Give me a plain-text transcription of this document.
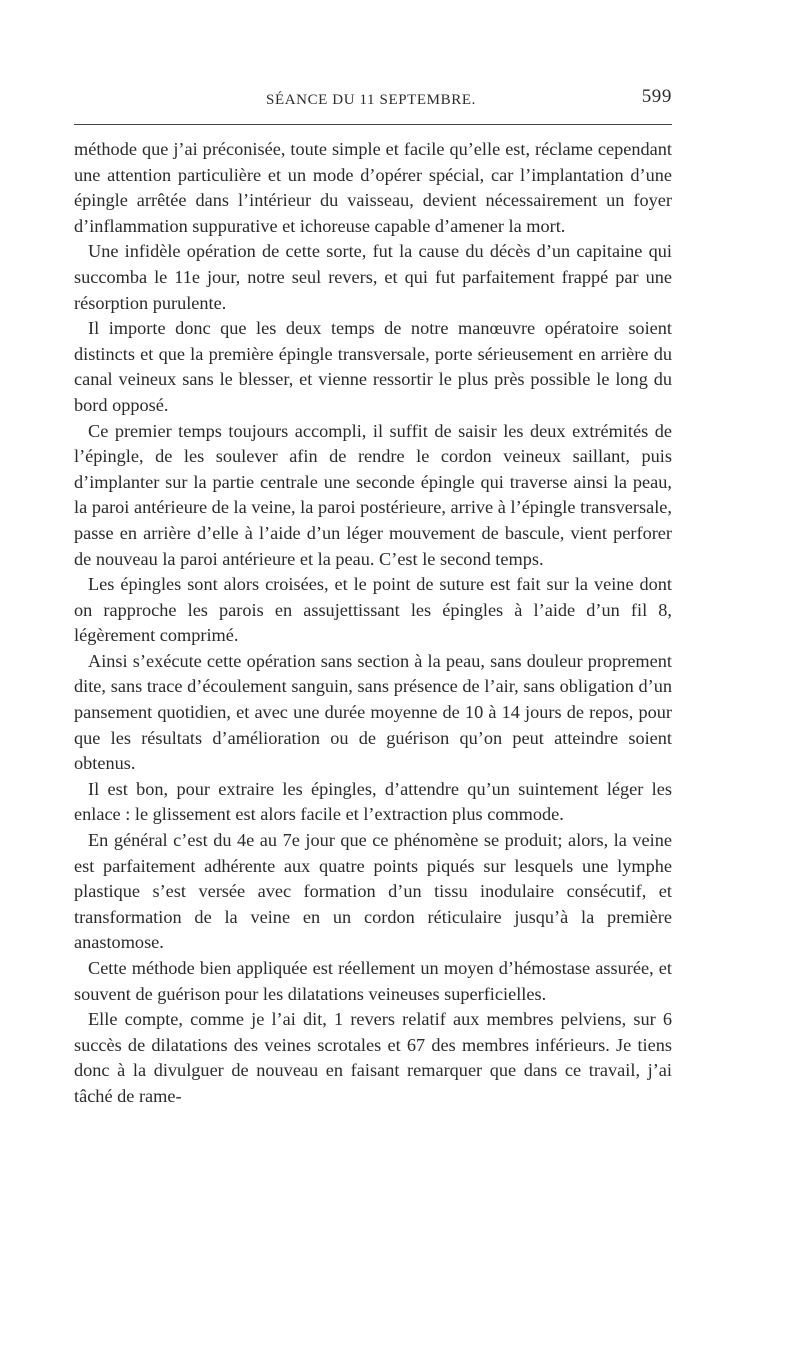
SÉANCE DU 11 SEPTEMBRE.	599

méthode que j’ai préconisée, toute simple et facile qu’elle est, réclame cependant une attention particulière et un mode d’opérer spécial, car l’implantation d’une épingle arrêtée dans l’intérieur du vaisseau, devient nécessairement un foyer d’inflammation suppurative et ichoreuse capable d’amener la mort.

Une infidèle opération de cette sorte, fut la cause du décès d’un capitaine qui succomba le 11e jour, notre seul revers, et qui fut parfaitement frappé par une résorption purulente.

Il importe donc que les deux temps de notre manœuvre opératoire soient distincts et que la première épingle transversale, porte sérieusement en arrière du canal veineux sans le blesser, et vienne ressortir le plus près possible le long du bord opposé.

Ce premier temps toujours accompli, il suffit de saisir les deux extrémités de l’épingle, de les soulever afin de rendre le cordon veineux saillant, puis d’implanter sur la partie centrale une seconde épingle qui traverse ainsi la peau, la paroi antérieure de la veine, la paroi postérieure, arrive à l’épingle transversale, passe en arrière d’elle à l’aide d’un léger mouvement de bascule, vient perforer de nouveau la paroi antérieure et la peau. C’est le second temps.

Les épingles sont alors croisées, et le point de suture est fait sur la veine dont on rapproche les parois en assujettissant les épingles à l’aide d’un fil 8, légèrement comprimé.

Ainsi s’exécute cette opération sans section à la peau, sans douleur proprement dite, sans trace d’écoulement sanguin, sans présence de l’air, sans obligation d’un pansement quotidien, et avec une durée moyenne de 10 à 14 jours de repos, pour que les résultats d’amélioration ou de guérison qu’on peut atteindre soient obtenus.

Il est bon, pour extraire les épingles, d’attendre qu’un suintement léger les enlace : le glissement est alors facile et l’extraction plus commode.

En général c’est du 4e au 7e jour que ce phénomène se produit; alors, la veine est parfaitement adhérente aux quatre points piqués sur lesquels une lymphe plastique s’est versée avec formation d’un tissu inodulaire consécutif, et transformation de la veine en un cordon réticulaire jusqu’à la première anastomose.

Cette méthode bien appliquée est réellement un moyen d’hémostase assurée, et souvent de guérison pour les dilatations veineuses superficielles.

Elle compte, comme je l’ai dit, 1 revers relatif aux membres pelviens, sur 6 succès de dilatations des veines scrotales et 67 des membres inférieurs. Je tiens donc à la divulguer de nouveau en faisant remarquer que dans ce travail, j’ai tâché de rame-
